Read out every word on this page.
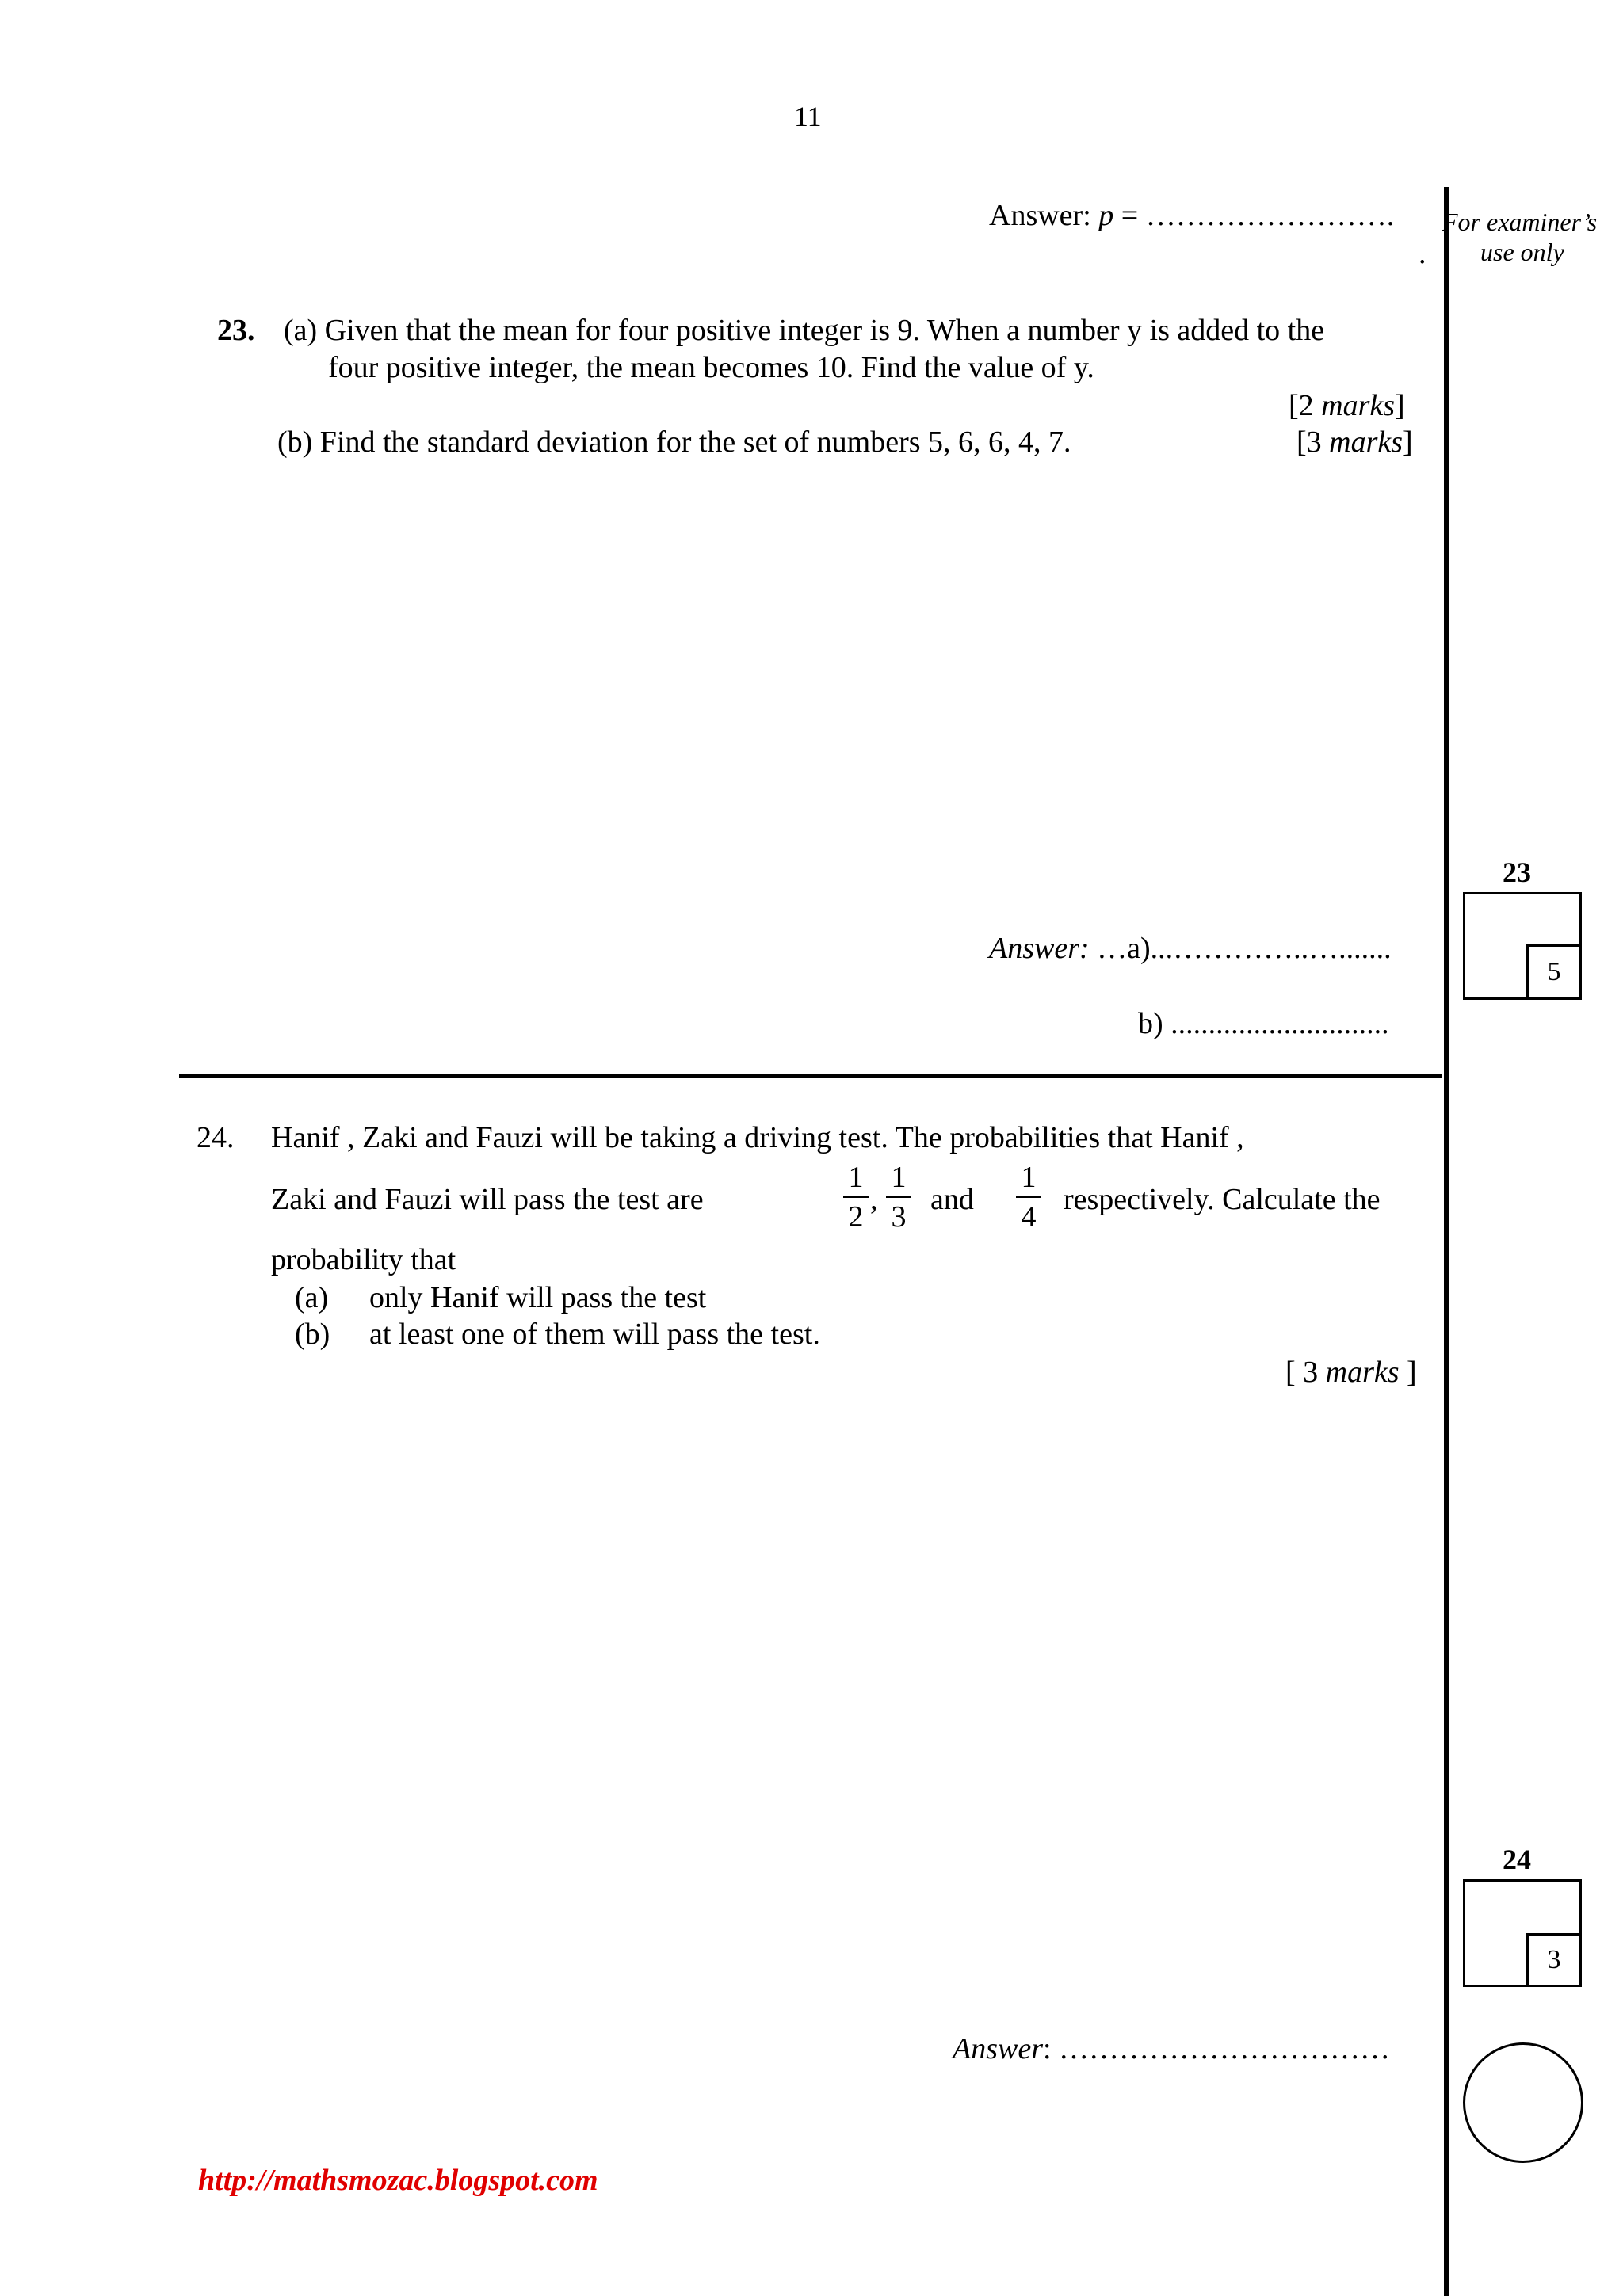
11
For examiner’s
use only
Answer: p = …………………….
.
23. (a) Given that the mean for four positive integer is 9. When a number y is added to the
four positive integer, the mean becomes 10. Find the value of y.
[2 marks]
(b) Find the standard deviation for the set of numbers 5, 6, 6, 4, 7.	[3 marks]
Answer: …a)...…………..….......
b) .............................
23
5
24. Hanif , Zaki and Fauzi will be taking a driving test. The probabilities that Hanif ,
Zaki and Fauzi will pass the test are
1
2
,
1
3
and
1
4
respectively. Calculate the
probability that
(a) only Hanif will pass the test
(b) at least one of them will pass the test.
[ 3 marks ]
Answer: ……………………………
24
3
http://mathsmozac.blogspot.com
